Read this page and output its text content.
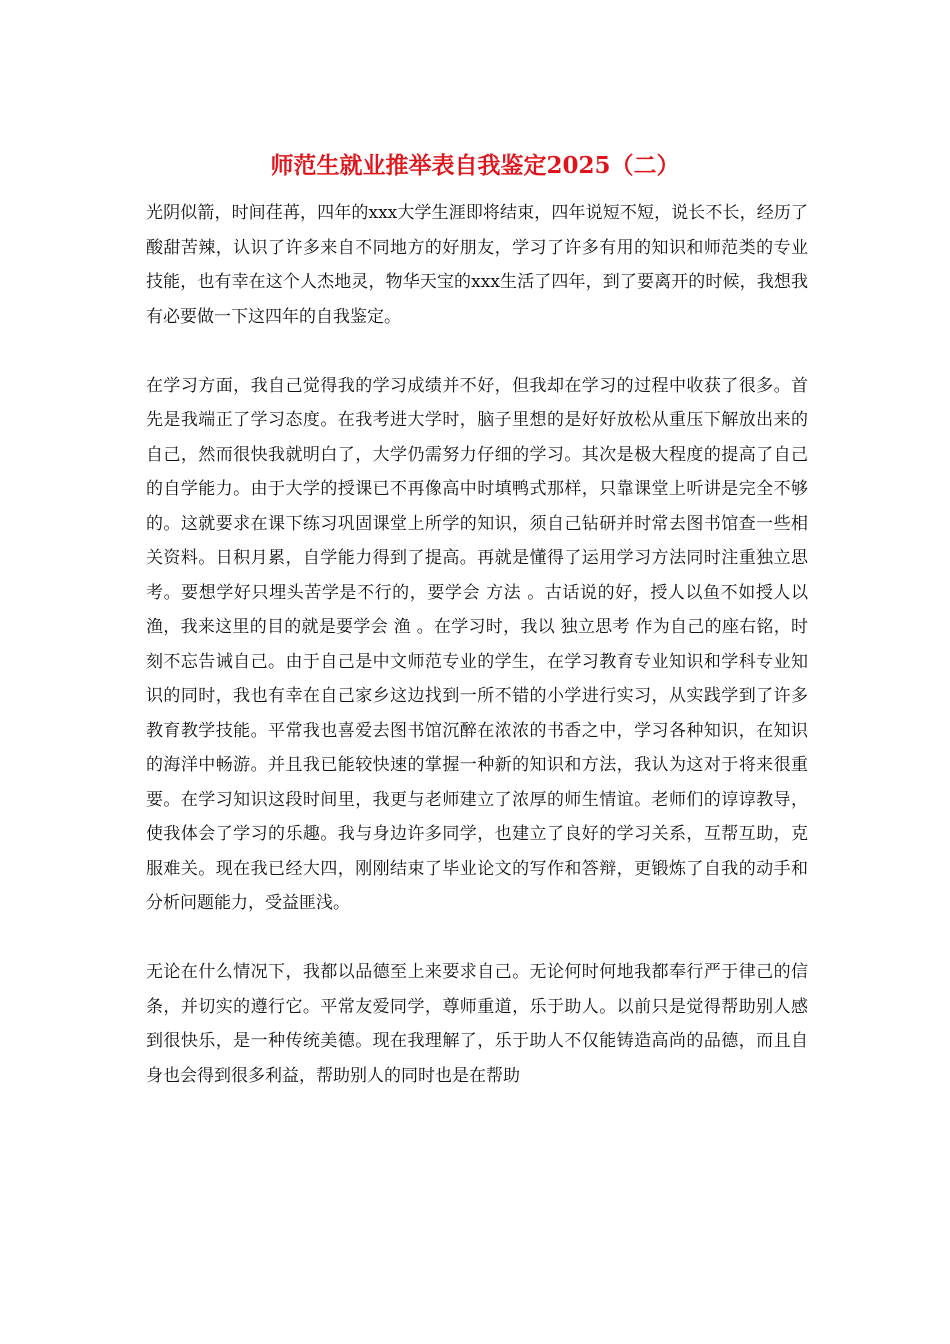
师范生就业推举表自我鉴定2025（二）

光阴似箭，时间荏苒，四年的xxx大学生涯即将结束，四年说短不短，说长不长，经历了酸甜苦辣，认识了许多来自不同地方的好朋友，学习了许多有用的知识和师范类的专业技能，也有幸在这个人杰地灵，物华天宝的xxx生活了四年，到了要离开的时候，我想我有必要做一下这四年的自我鉴定。

在学习方面，我自己觉得我的学习成绩并不好，但我却在学习的过程中收获了很多。首先是我端正了学习态度。在我考进大学时，脑子里想的是好好放松从重压下解放出来的自己，然而很快我就明白了，大学仍需努力仔细的学习。其次是极大程度的提高了自己的自学能力。由于大学的授课已不再像高中时填鸭式那样，只靠课堂上听讲是完全不够的。这就要求在课下练习巩固课堂上所学的知识，须自己钻研并时常去图书馆查一些相关资料。日积月累，自学能力得到了提高。再就是懂得了运用学习方法同时注重独立思考。要想学好只埋头苦学是不行的，要学会 方法 。古话说的好，授人以鱼不如授人以渔，我来这里的目的就是要学会 渔 。在学习时，我以 独立思考 作为自己的座右铭，时刻不忘告诫自己。由于自己是中文师范专业的学生，在学习教育专业知识和学科专业知识的同时，我也有幸在自己家乡这边找到一所不错的小学进行实习，从实践学到了许多教育教学技能。平常我也喜爱去图书馆沉醉在浓浓的书香之中，学习各种知识，在知识的海洋中畅游。并且我已能较快速的掌握一种新的知识和方法，我认为这对于将来很重要。在学习知识这段时间里，我更与老师建立了浓厚的师生情谊。老师们的谆谆教导，使我体会了学习的乐趣。我与身边许多同学，也建立了良好的学习关系，互帮互助，克服难关。现在我已经大四，刚刚结束了毕业论文的写作和答辩，更锻炼了自我的动手和分析问题能力，受益匪浅。

无论在什么情况下，我都以品德至上来要求自己。无论何时何地我都奉行严于律己的信条，并切实的遵行它。平常友爱同学，尊师重道，乐于助人。以前只是觉得帮助别人感到很快乐，是一种传统美德。现在我理解了，乐于助人不仅能铸造高尚的品德，而且自身也会得到很多利益，帮助别人的同时也是在帮助
